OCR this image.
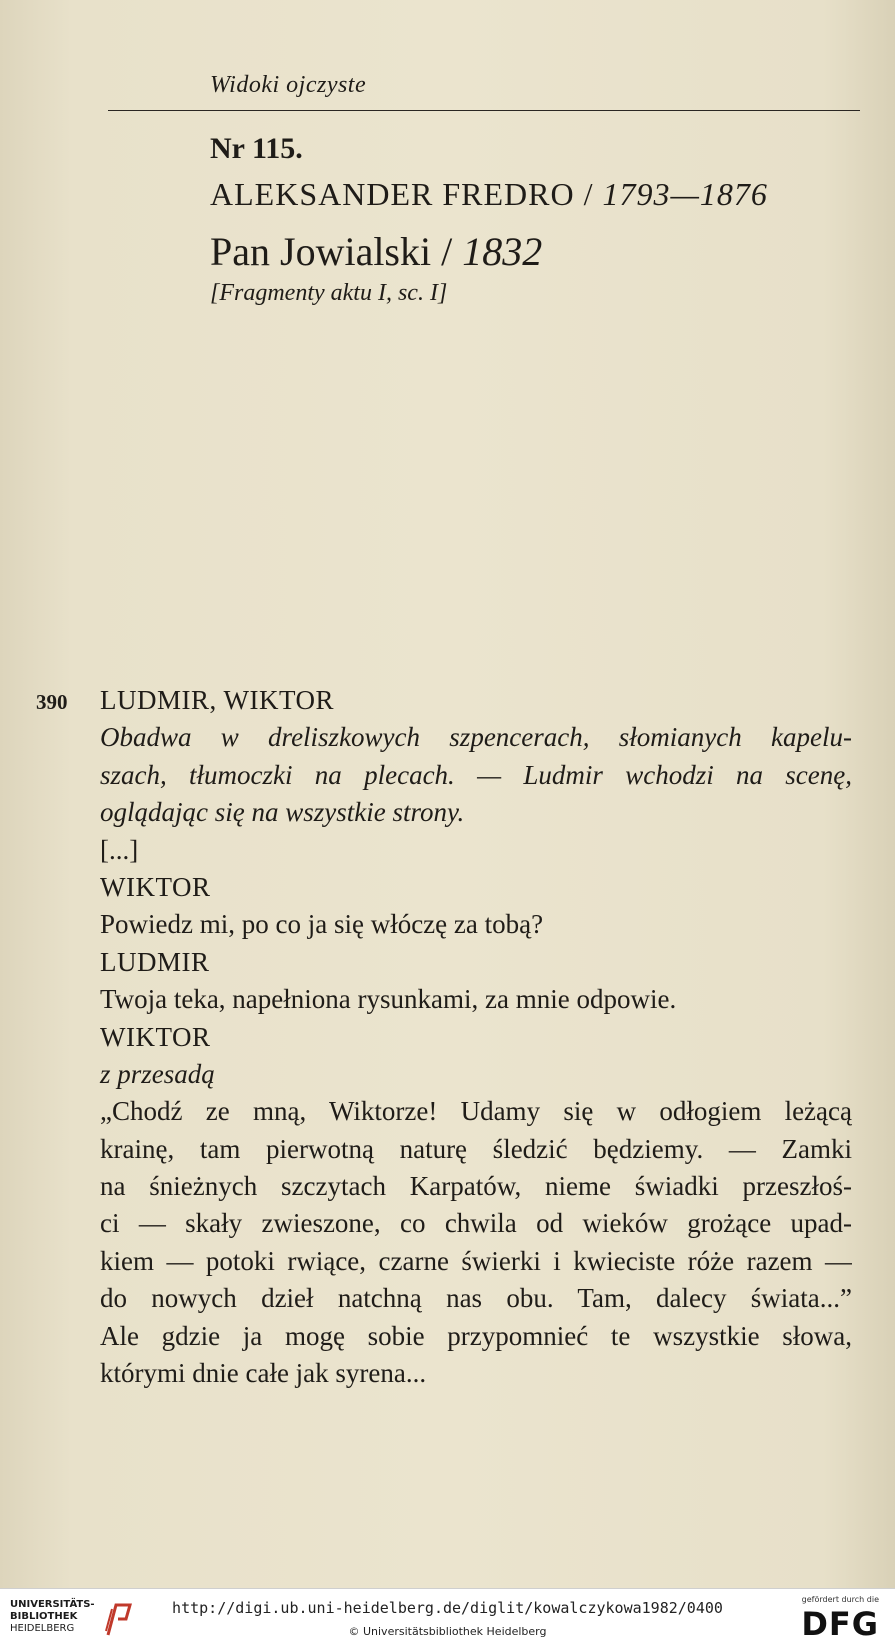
Widoki ojczyste
Nr 115.
ALEKSANDER FREDRO / 1793—1876
Pan Jowialski / 1832
[Fragmenty aktu I, sc. I]
390 LUDMIR, WIKTOR
Obadwa w dreliszkowych szpencerach, słomianych kapelu-
szach, tłumoczki na plecach. — Ludmir wchodzi na scenę,
oglądając się na wszystkie strony.
[...]
WIKTOR
Powiedz mi, po co ja się włóczę za tobą?
LUDMIR
Twoja teka, napełniona rysunkami, za mnie odpowie.
WIKTOR
z przesadą
„Chodź ze mną, Wiktorze! Udamy się w odłogiem leżącą
krainę, tam pierwotną naturę śledzić będziemy. — Zamki
na śnieżnych szczytach Karpatów, nieme świadki przeszłoś-
ci — skały zwieszone, co chwila od wieków grożące upad-
kiem — potoki rwiące, czarne świerki i kwieciste róże razem —
do nowych dzieł natchną nas obu. Tam, dalecy świata...”
Ale gdzie ja mogę sobie przypomnieć te wszystkie słowa,
którymi dnie całe jak syrena...
UNIVERSITÄTS-
BIBLIOTHEK
HEIDELBERG
http://digi.ub.uni-heidelberg.de/diglit/kowalczykowa1982/0400
© Universitätsbibliothek Heidelberg
gefördert durch die
DFG
